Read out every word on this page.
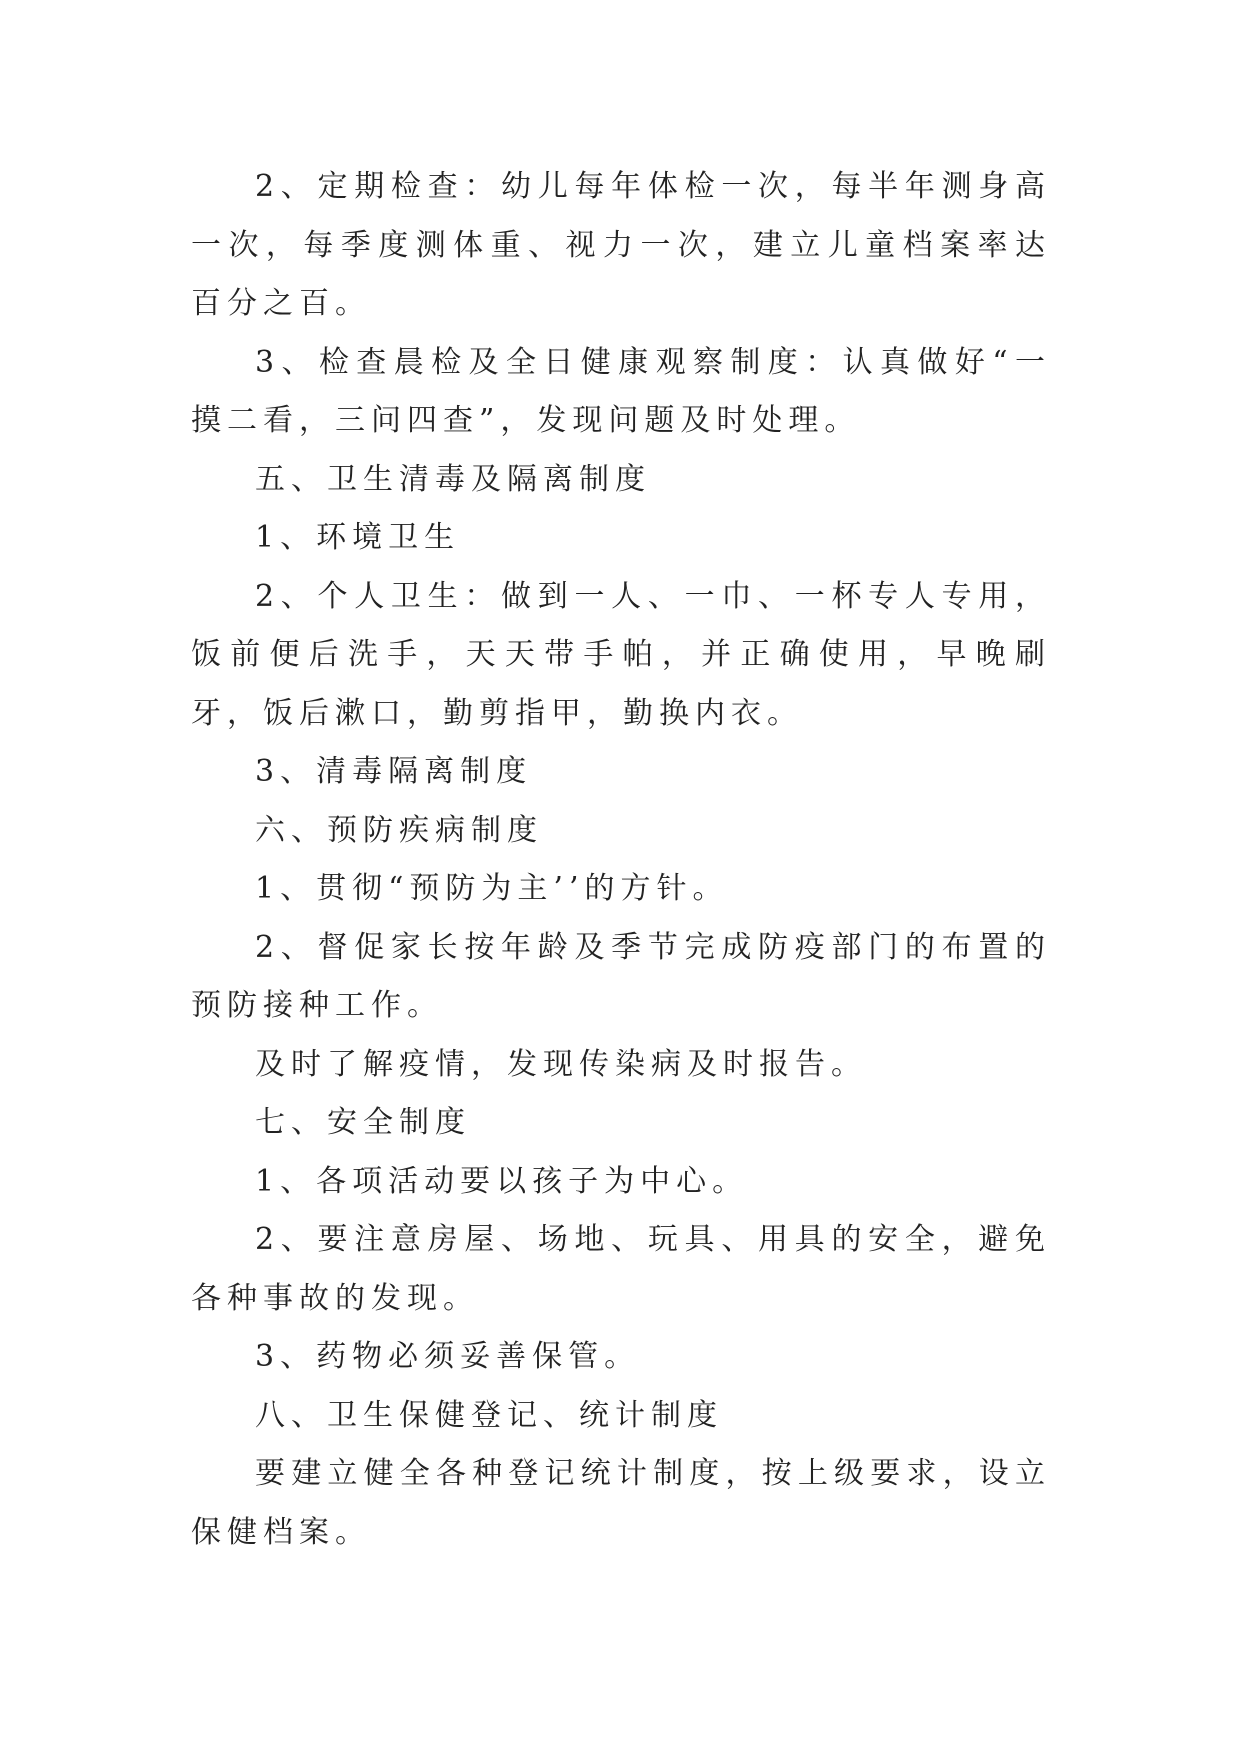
2、定期检查：幼儿每年体检一次，每半年测身高一次，每季度测体重、视力一次，建立儿童档案率达百分之百。

3、检查晨检及全日健康观察制度：认真做好“一摸二看，三问四查”，发现问题及时处理。

五、卫生清毒及隔离制度

1、环境卫生

2、个人卫生：做到一人、一巾、一杯专人专用，饭前便后洗手，天天带手帕，并正确使用，早晚刷牙，饭后漱口，勤剪指甲，勤换内衣。

3、清毒隔离制度

六、预防疾病制度

1、贯彻“预防为主’’的方针。

2、督促家长按年龄及季节完成防疫部门的布置的预防接种工作。

及时了解疫情，发现传染病及时报告。

七、安全制度

1、各项活动要以孩子为中心。

2、要注意房屋、场地、玩具、用具的安全，避免各种事故的发现。

3、药物必须妥善保管。

八、卫生保健登记、统计制度

要建立健全各种登记统计制度，按上级要求，设立保健档案。
